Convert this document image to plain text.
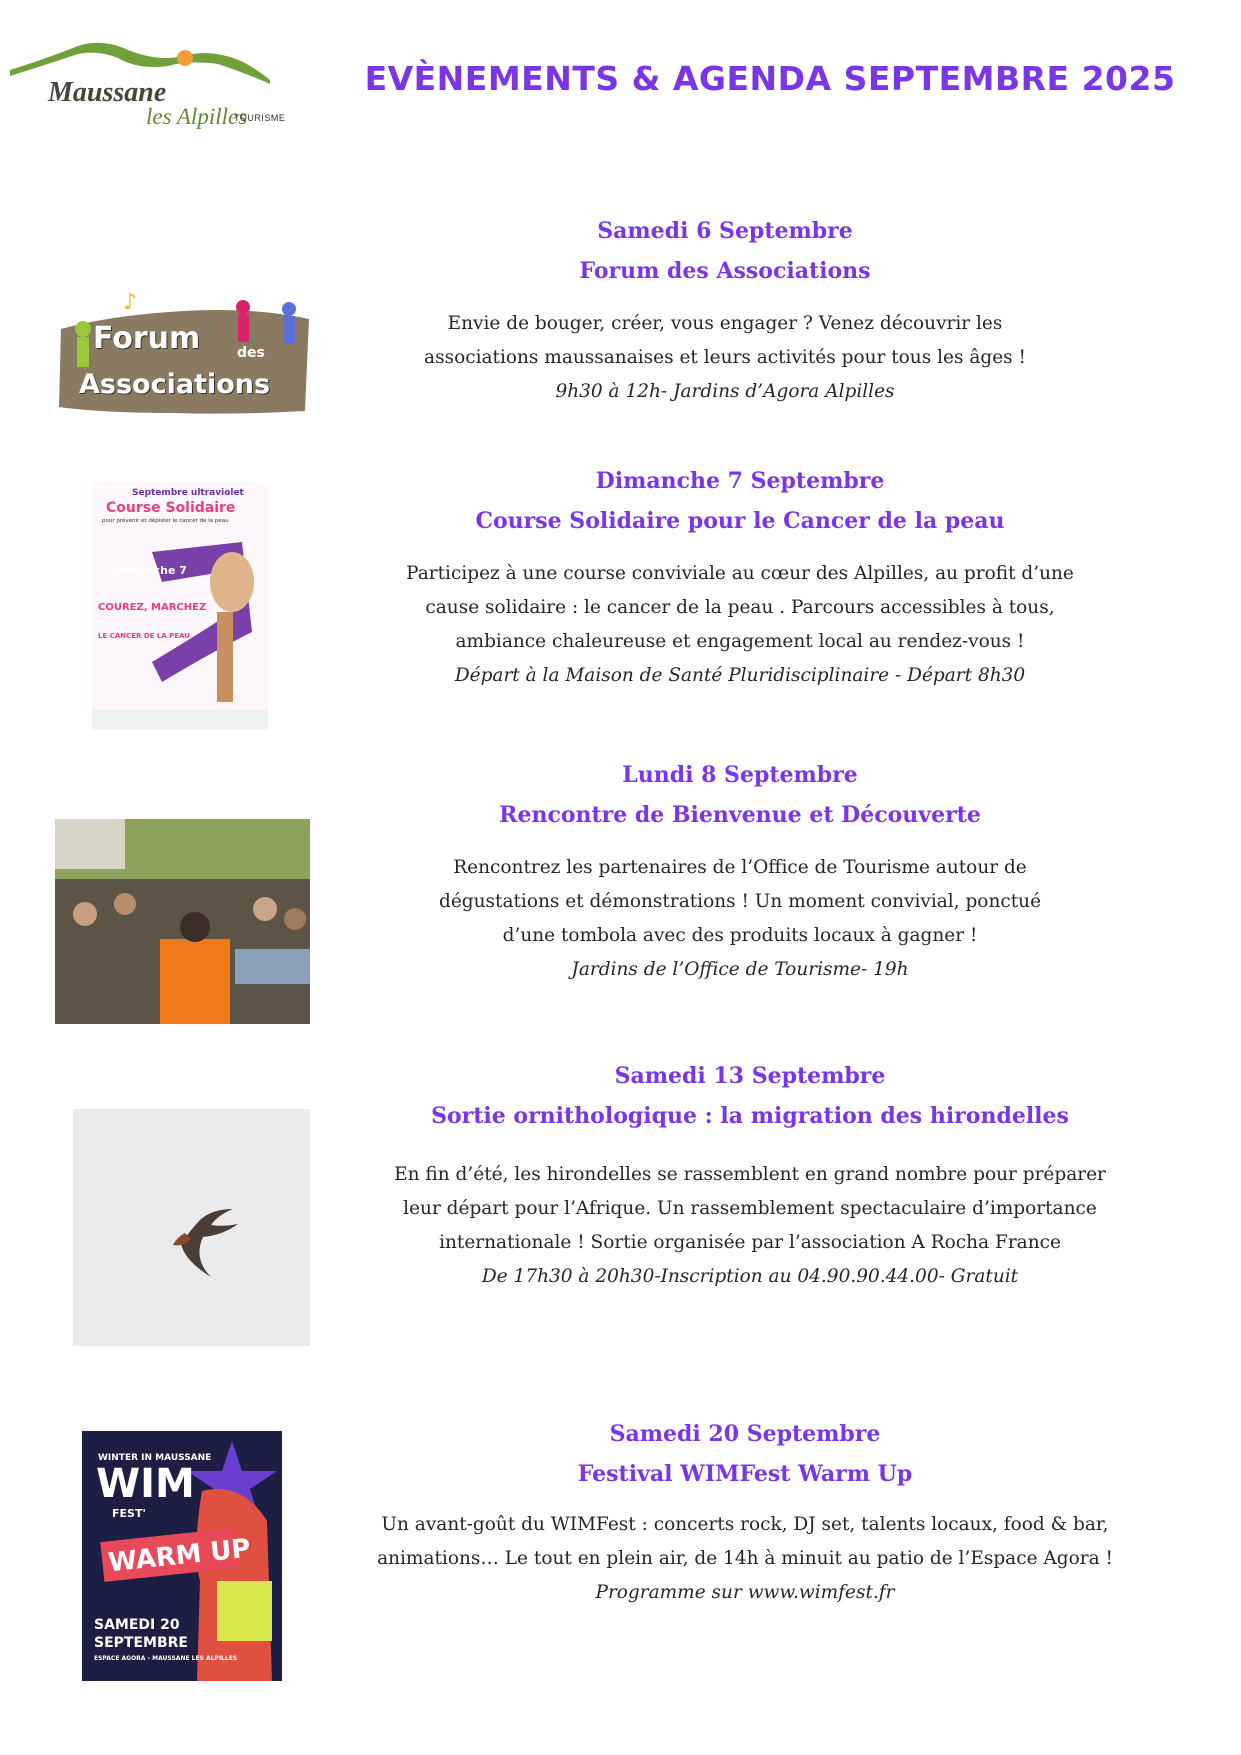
Maussane
les Alpilles
TOURISME
EVÈNEMENTS & AGENDA SEPTEMBRE 2025
♪
Forum	des
Associations
Samedi 6 Septembre
Forum des Associations
Envie de bouger, créer, vous engager ? Venez découvrir les
associations maussanaises et leurs activités pour tous les âges !
9h30 à 12h- Jardins d’Agora Alpilles
Septembre ultraviolet
Course Solidaire
pour prévenir et dépister le cancer de la peau
Dimanche 7
septembre
COUREZ, MARCHEZ
LE CANCER DE LA PEAU
Dimanche 7 Septembre
Course Solidaire pour le Cancer de la peau
Participez à une course conviviale au cœur des Alpilles, au profit d’une
cause solidaire : le cancer de la peau . Parcours accessibles à tous,
ambiance chaleureuse et engagement local au rendez-vous !
Départ à la Maison de Santé Pluridisciplinaire - Départ 8h30
Lundi 8 Septembre
Rencontre de Bienvenue et Découverte
Rencontrez les partenaires de l’Office de Tourisme autour de
dégustations et démonstrations ! Un moment convivial, ponctué
d’une tombola avec des produits locaux à gagner !
Jardins de l’Office de Tourisme- 19h
Samedi 13 Septembre
Sortie ornithologique : la migration des hirondelles
En fin d’été, les hirondelles se rassemblent en grand nombre pour préparer
leur départ pour l’Afrique. Un rassemblement spectaculaire d’importance
internationale ! Sortie organisée par l’association A Rocha France
De 17h30 à 20h30-Inscription au 04.90.90.44.00- Gratuit
WINTER IN MAUSSANE
WIM
FEST'
WARM UP
SAMEDI 20
SEPTEMBRE
ESPACE AGORA - MAUSSANE LES ALPILLES
Samedi 20 Septembre
Festival WIMFest Warm Up
Un avant-goût du WIMFest : concerts rock, DJ set, talents locaux, food & bar,
animations… Le tout en plein air, de 14h à minuit au patio de l’Espace Agora !
Programme sur www.wimfest.fr
